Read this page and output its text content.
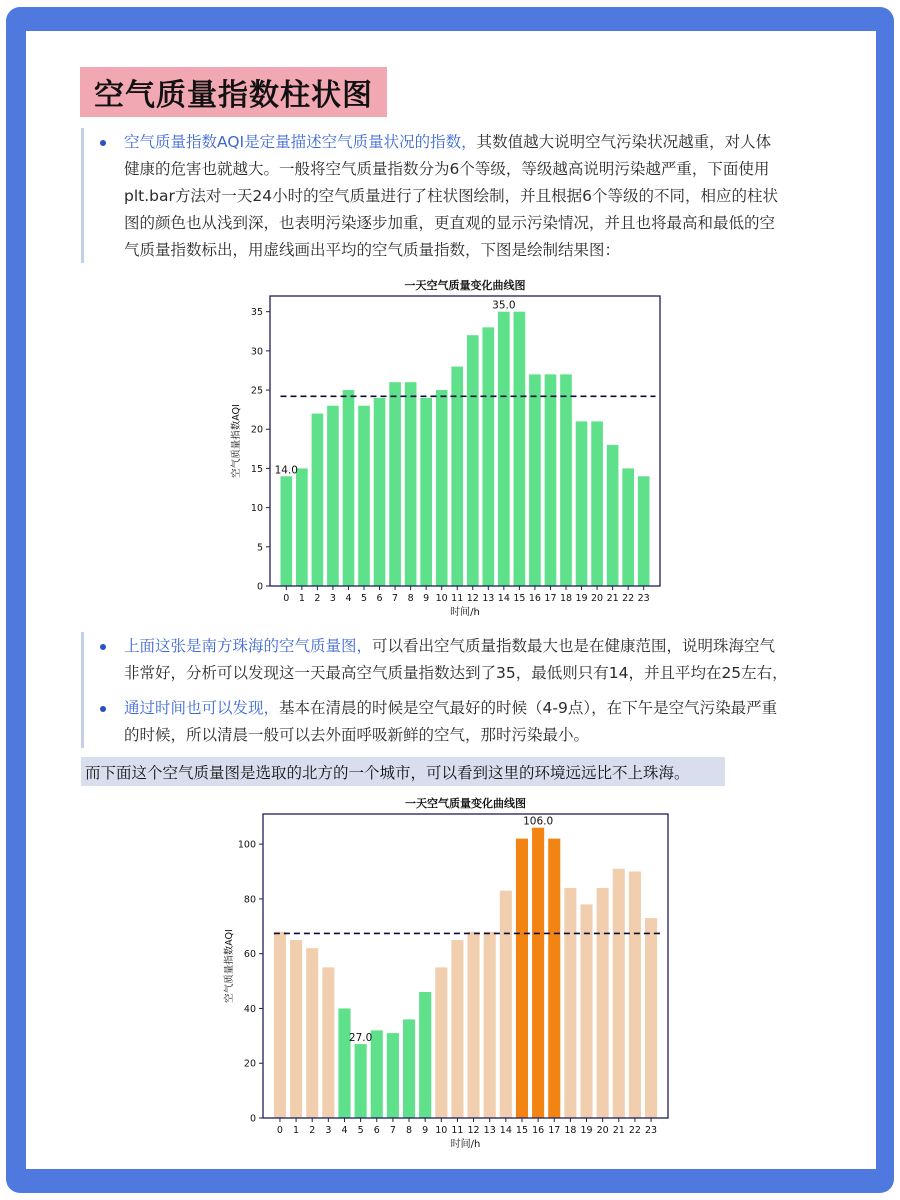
空气质量指数柱状图

空气质量指数AQI是定量描述空气质量状况的指数，其数值越大说明空气污染状况越重，对人体
健康的危害也就越大。一般将空气质量指数分为6个等级，等级越高说明污染越严重，下面使用
plt.bar方法对一天24小时的空气质量进行了柱状图绘制，并且根据6个等级的不同，相应的柱状
图的颜色也从浅到深，也表明污染逐步加重，更直观的显示污染情况，并且也将最高和最低的空
气质量指数标出，用虚线画出平均的空气质量指数，下图是绘制结果图：

0
5
10
15
20
25
30
35
0 1 2 3 4 5 6 7 8 9 10 11 12 13 14 15 16 17 18 19 20 21 22 23
14.0
35.0
一天空气质量变化曲线图
时间/h
空气质量指数AQI

上面这张是南方珠海的空气质量图，可以看出空气质量指数最大也是在健康范围，说明珠海空气
非常好，分析可以发现这一天最高空气质量指数达到了35，最低则只有14，并且平均在25左右，

通过时间也可以发现，基本在清晨的时候是空气最好的时候（4-9点），在下午是空气污染最严重
的时候，所以清晨一般可以去外面呼吸新鲜的空气，那时污染最小。

而下面这个空气质量图是选取的北方的一个城市，可以看到这里的环境远远比不上珠海。
0
20
40
60
80
100
0 1 2 3 4 5 6 7 8 9 10 11 12 13 14 15 16 17 18 19 20 21 22 23
27.0
106.0
一天空气质量变化曲线图
时间/h
空气质量指数AQI
